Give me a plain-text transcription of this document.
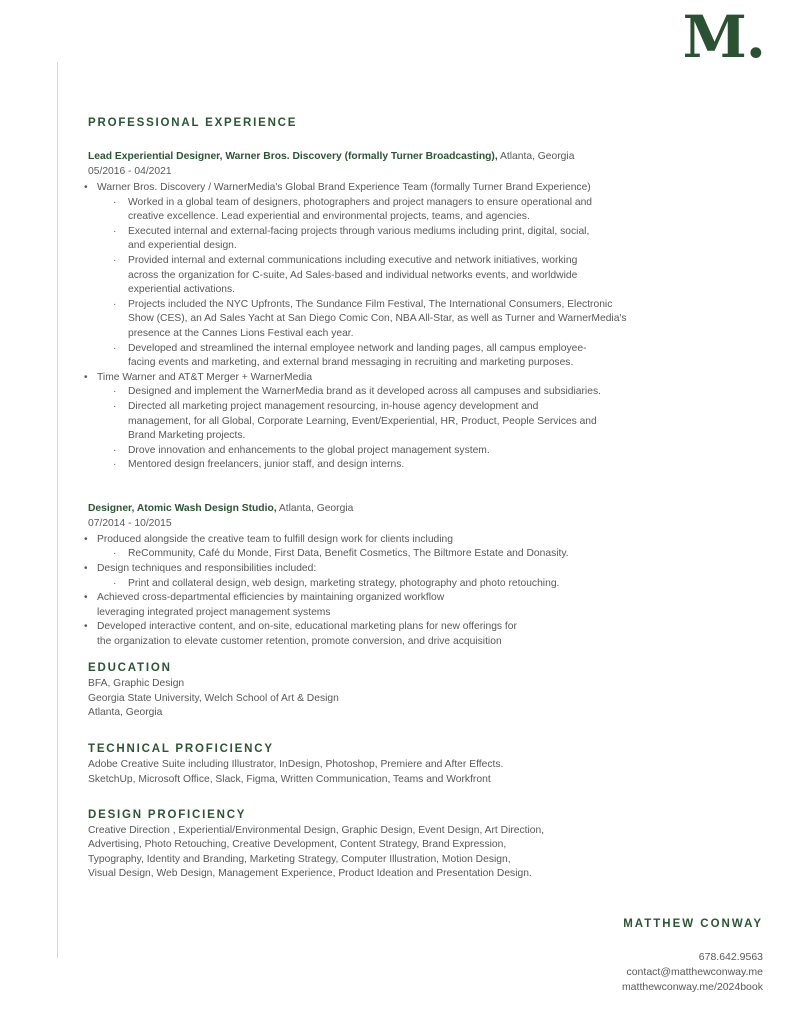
M.
PROFESSIONAL EXPERIENCE
Lead Experiential Designer, Warner Bros. Discovery (formally Turner Broadcasting), Atlanta, Georgia
05/2016 - 04/2021
• Warner Bros. Discovery / WarnerMedia's Global Brand Experience Team (formally Turner Brand Experience)
·	Worked in a global team of designers, photographers and project managers to ensure operational and
creative excellence. Lead experiential and environmental projects, teams, and agencies.
·	Executed internal and external-facing projects through various mediums including print, digital, social,
and experiential design.
·	Provided internal and external communications including executive and network initiatives, working
across the organization for C-suite, Ad Sales-based and individual networks events, and worldwide
experiential activations.
·	Projects included the NYC Upfronts, The Sundance Film Festival, The International Consumers, Electronic
Show (CES), an Ad Sales Yacht at San Diego Comic Con, NBA All-Star, as well as Turner and WarnerMedia's
presence at the Cannes Lions Festival each year.
·	Developed and streamlined the internal employee network and landing pages, all campus employee-
facing events and marketing, and external brand messaging in recruiting and marketing purposes.
• Time Warner and AT&T Merger + WarnerMedia
·	Designed and implement the WarnerMedia brand as it developed across all campuses and subsidiaries.
·	Directed all marketing project management resourcing, in-house agency development and
management, for all Global, Corporate Learning, Event/Experiential, HR, Product, People Services and
Brand Marketing projects.
·	Drove innovation and enhancements to the global project management system.
·	Mentored design freelancers, junior staff, and design interns.
Designer, Atomic Wash Design Studio, Atlanta, Georgia
07/2014 - 10/2015
• Produced alongside the creative team to fulfill design work for clients including
·	ReCommunity, Café du Monde, First Data, Benefit Cosmetics, The Biltmore Estate and Donasity.
• Design techniques and responsibilities included:
·	Print and collateral design, web design, marketing strategy, photography and photo retouching.
• Achieved cross-departmental efficiencies by maintaining organized workflow
leveraging integrated project management systems
• Developed interactive content, and on-site, educational marketing plans for new offerings for
the organization to elevate customer retention, promote conversion, and drive acquisition
EDUCATION
BFA, Graphic Design
Georgia State University, Welch School of Art & Design
Atlanta, Georgia
TECHNICAL PROFICIENCY
Adobe Creative Suite including Illustrator, InDesign, Photoshop, Premiere and After Effects.
SketchUp, Microsoft Office, Slack, Figma, Written Communication, Teams and Workfront
DESIGN PROFICIENCY
Creative Direction , Experiential/Environmental Design, Graphic Design, Event Design, Art Direction,
Advertising, Photo Retouching, Creative Development, Content Strategy, Brand Expression,
Typography, Identity and Branding, Marketing Strategy, Computer Illustration, Motion Design,
Visual Design, Web Design, Management Experience, Product Ideation and Presentation Design.
MATTHEW CONWAY
678.642.9563
contact@matthewconway.me
matthewconway.me/2024book
